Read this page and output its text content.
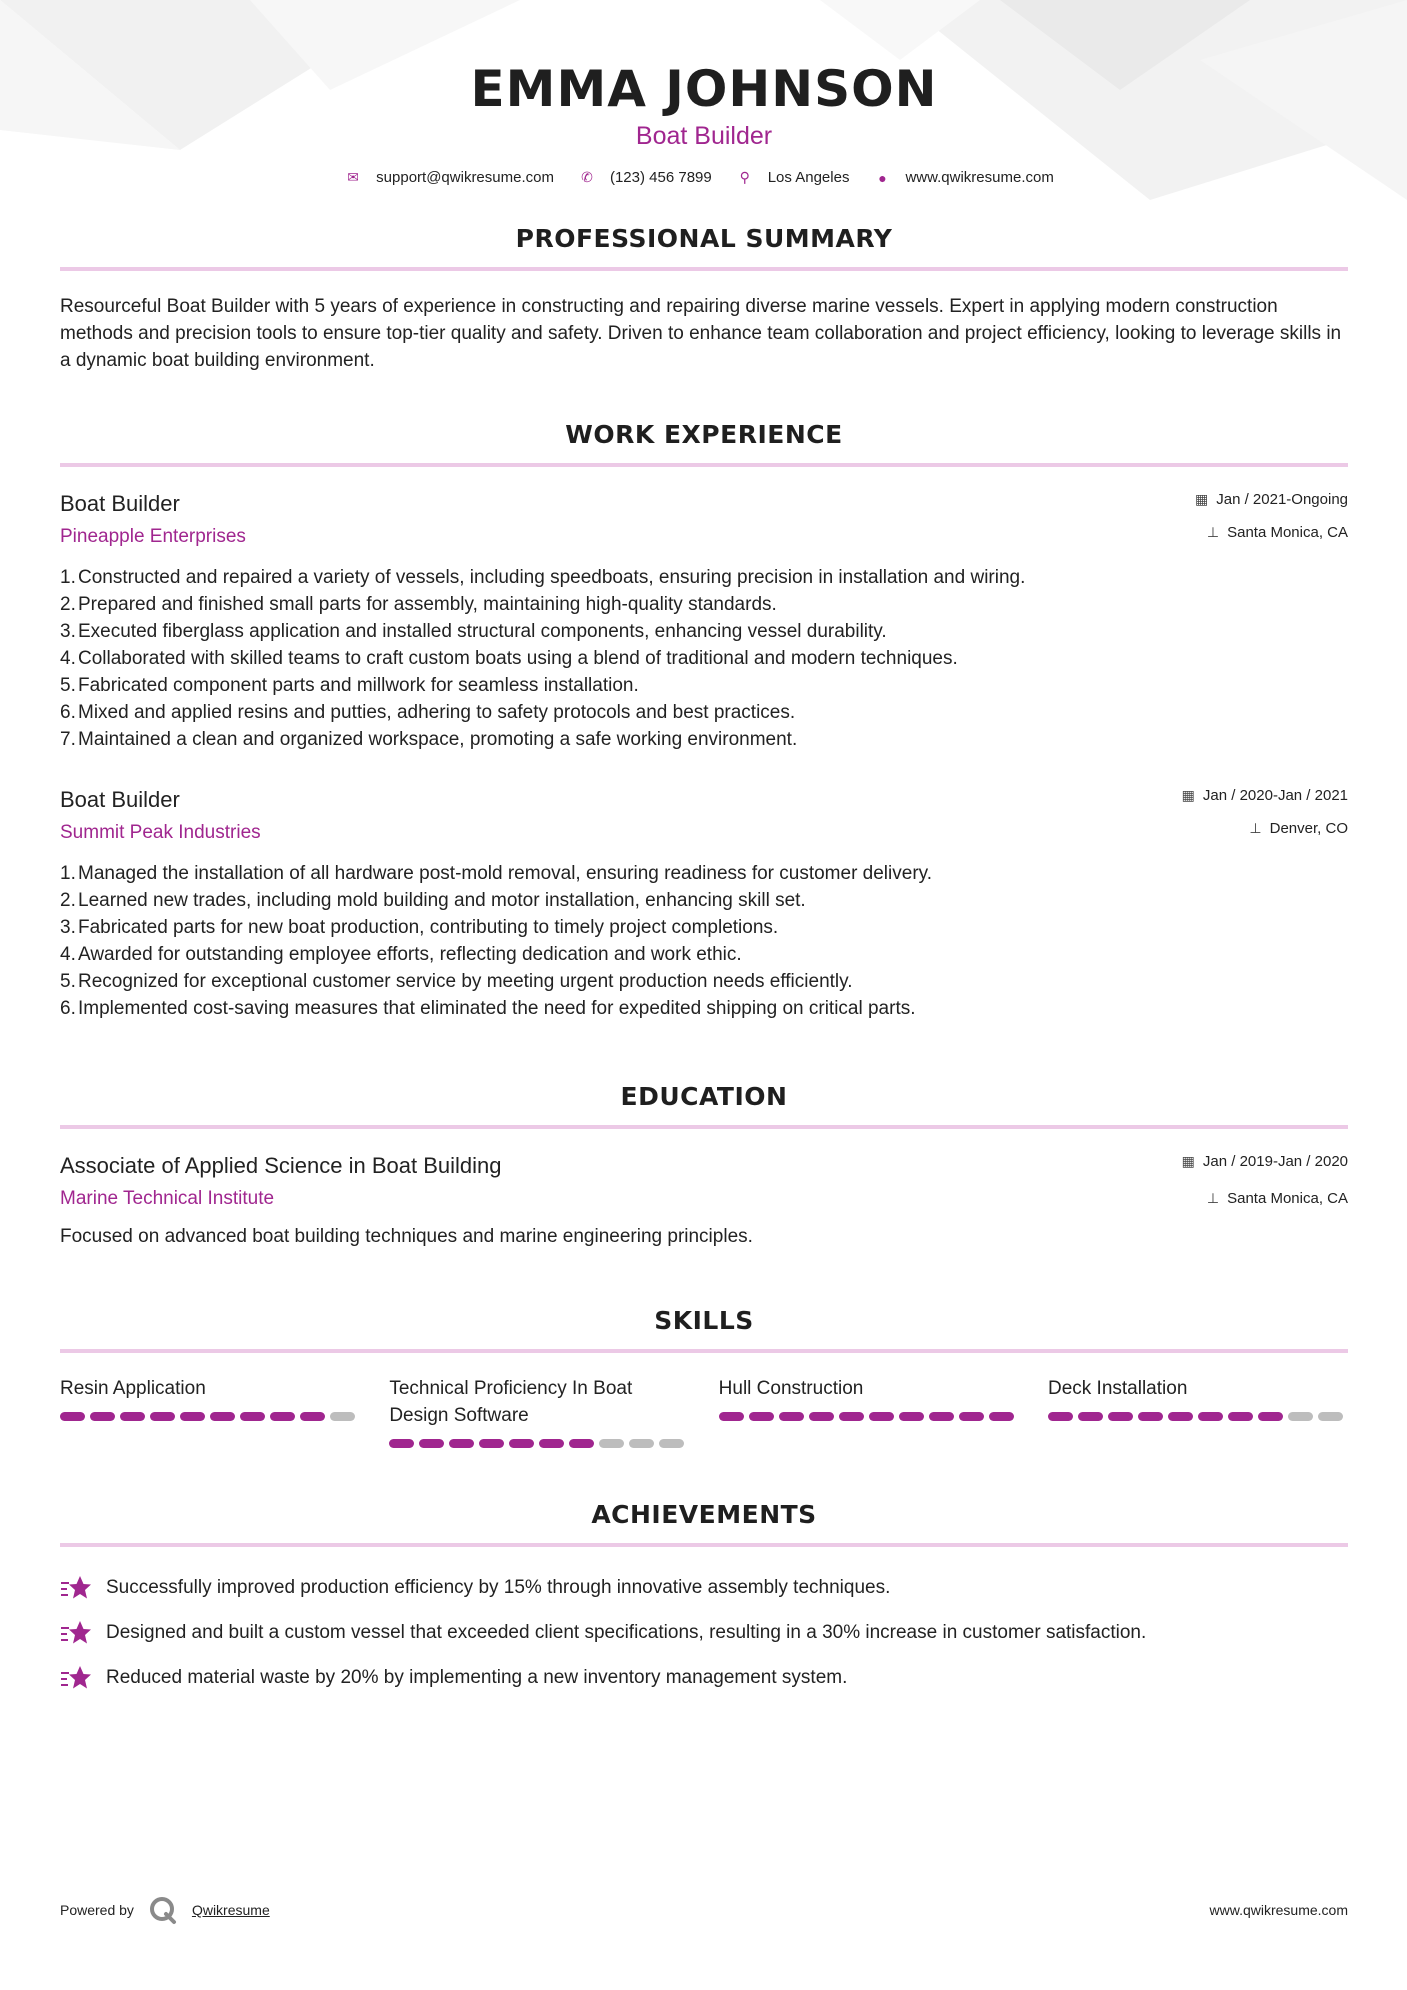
EMMA JOHNSON
Boat Builder
✉ support@qwikresume.com ✆ (123) 456 7899 ⚲ Los Angeles	●	www.qwikresume.com
PROFESSIONAL SUMMARY

Resourceful Boat Builder with 5 years of experience in constructing and repairing diverse marine vessels. Expert in applying modern construction methods and precision tools to ensure top-tier quality and safety. Driven to enhance team collaboration and project efficiency, looking to leverage skills in a dynamic boat building environment.

WORK EXPERIENCE
Boat Builder
Pineapple Enterprises
▦ Jan / 2021-Ongoing
⊥ Santa Monica, CA
1. Constructed and repaired a variety of vessels, including speedboats, ensuring precision in installation and wiring.
2. Prepared and finished small parts for assembly, maintaining high-quality standards.
3. Executed fiberglass application and installed structural components, enhancing vessel durability.
4. Collaborated with skilled teams to craft custom boats using a blend of traditional and modern techniques.
5. Fabricated component parts and millwork for seamless installation.
6. Mixed and applied resins and putties, adhering to safety protocols and best practices.
7. Maintained a clean and organized workspace, promoting a safe working environment.
Boat Builder
Summit Peak Industries
▦ Jan / 2020-Jan / 2021
⊥ Denver, CO
1. Managed the installation of all hardware post-mold removal, ensuring readiness for customer delivery.
2. Learned new trades, including mold building and motor installation, enhancing skill set.
3. Fabricated parts for new boat production, contributing to timely project completions.
4. Awarded for outstanding employee efforts, reflecting dedication and work ethic.
5. Recognized for exceptional customer service by meeting urgent production needs efficiently.
6. Implemented cost-saving measures that eliminated the need for expedited shipping on critical parts.
EDUCATION
Associate of Applied Science in Boat Building
Marine Technical Institute
▦ Jan / 2019-Jan / 2020
⊥ Santa Monica, CA

Focused on advanced boat building techniques and marine engineering principles.

SKILLS
Resin Application	Technical Proficiency In Boat Design Software
Hull Construction	Deck Installation
ACHIEVEMENTS
Successfully improved production efficiency by 15% through innovative assembly techniques.
Designed and built a custom vessel that exceeded client specifications, resulting in a 30% increase in customer satisfaction.
Reduced material waste by 20% by implementing a new inventory management system.
Powered by	Qwikresume	www.qwikresume.com
